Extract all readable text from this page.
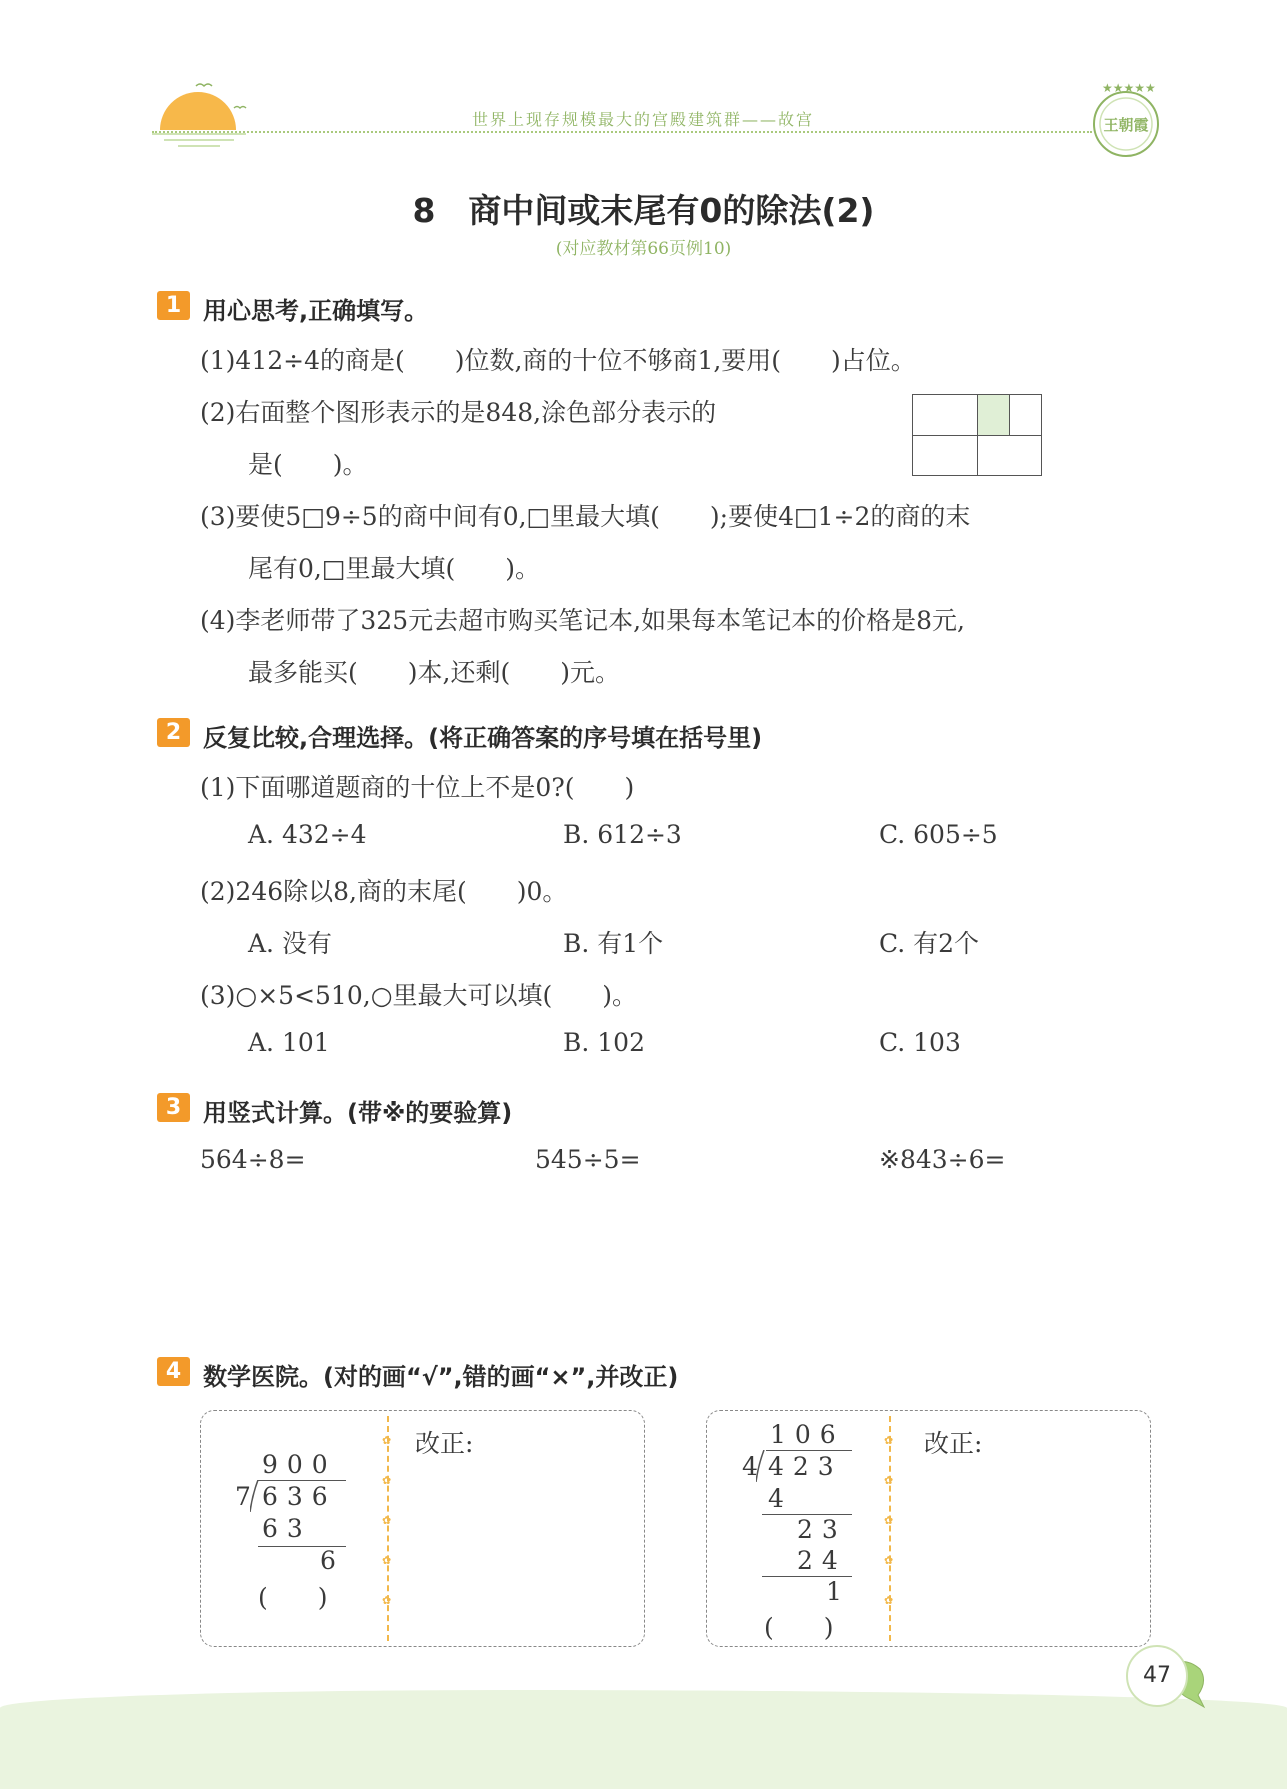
世界上现存规模最大的宫殿建筑群——故宫
★★★★★
王朝霞
8　商中间或末尾有0的除法(2)
(对应教材第66页例10)
1 用心思考,正确填写。
(1)412÷4的商是(　　)位数,商的十位不够商1,要用(　　)占位。
(2)右面整个图形表示的是848,涂色部分表示的
是(　　)。
(3)要使5□9÷5的商中间有0,□里最大填(　　);要使4□1÷2的商的末
尾有0,□里最大填(　　)。
(4)李老师带了325元去超市购买笔记本,如果每本笔记本的价格是8元,
最多能买(　　)本,还剩(　　)元。
2 反复比较,合理选择。(将正确答案的序号填在括号里)
(1)下面哪道题商的十位上不是0?(　　)
A. 432÷4	B. 612÷3	C. 605÷5
(2)246除以8,商的末尾(　　)0。
A. 没有	B. 有1个	C. 有2个
(3)○×5<510,○里最大可以填(　　)。
A. 101	B. 102	C. 103
3 用竖式计算。(带※的要验算)
564÷8=	545÷5=	※843÷6=
4 数学医院。(对的画“√”,错的画“×”,并改正)
✿
✿
✿
✿
✿
改正:
900
7 636
63
6
(　　)
✿
✿
✿
✿
✿
改正:
106
4 423
4
23
24
1
(　　)
47
